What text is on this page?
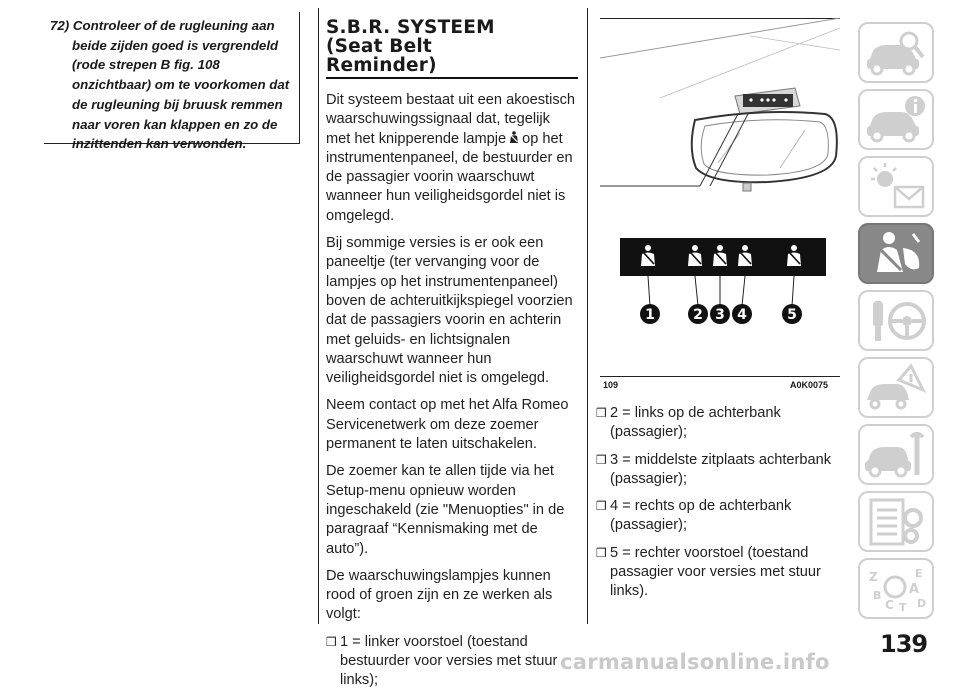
72) Controleer of de rugleuning aan beide zijden goed is vergrendeld (rode strepen B fig. 108 onzichtbaar) om te voorkomen dat de rugleuning bij bruusk remmen naar voren kan klappen en zo de inzittenden kan verwonden.

S.B.R. SYSTEEM
(Seat Belt
Reminder)

Dit systeem bestaat uit een akoestisch waarschuwingssignaal dat, tegelijk met het knipperende lampje op het instrumentenpaneel, de bestuurder en de passagier voorin waarschuwt wanneer hun veiligheidsgordel niet is omgelegd.

Bij sommige versies is er ook een paneeltje (ter vervanging voor de lampjes op het instrumentenpaneel) boven de achteruitkijkspiegel voorzien dat de passagiers voorin en achterin met geluids- en lichtsignalen waarschuwt wanneer hun veiligheidsgordel niet is omgelegd.

Neem contact op met het Alfa Romeo Servicenetwerk om deze zoemer permanent te laten uitschakelen.

De zoemer kan te allen tijde via het Setup-menu opnieuw worden ingeschakeld (zie "Menuopties" in de paragraaf “Kennismaking met de auto”).

De waarschuwingslampjes kunnen rood of groen zijn en ze werken als volgt:

❒ 1 = linker voorstoel (toestand bestuurder voor versies met stuur links);

1	2 3 4	5
109	A0K0075

❒ 2 = links op de achterbank (passagier);

❒ 3 = middelste zitplaats achterbank (passagier);

❒ 4 = rechts op de achterbank (passagier);

❒ 5 = rechter voorstoel (toestand passagier voor versies met stuur links).

Z	E
A
B
C T D
139
carmanualsonline.info
